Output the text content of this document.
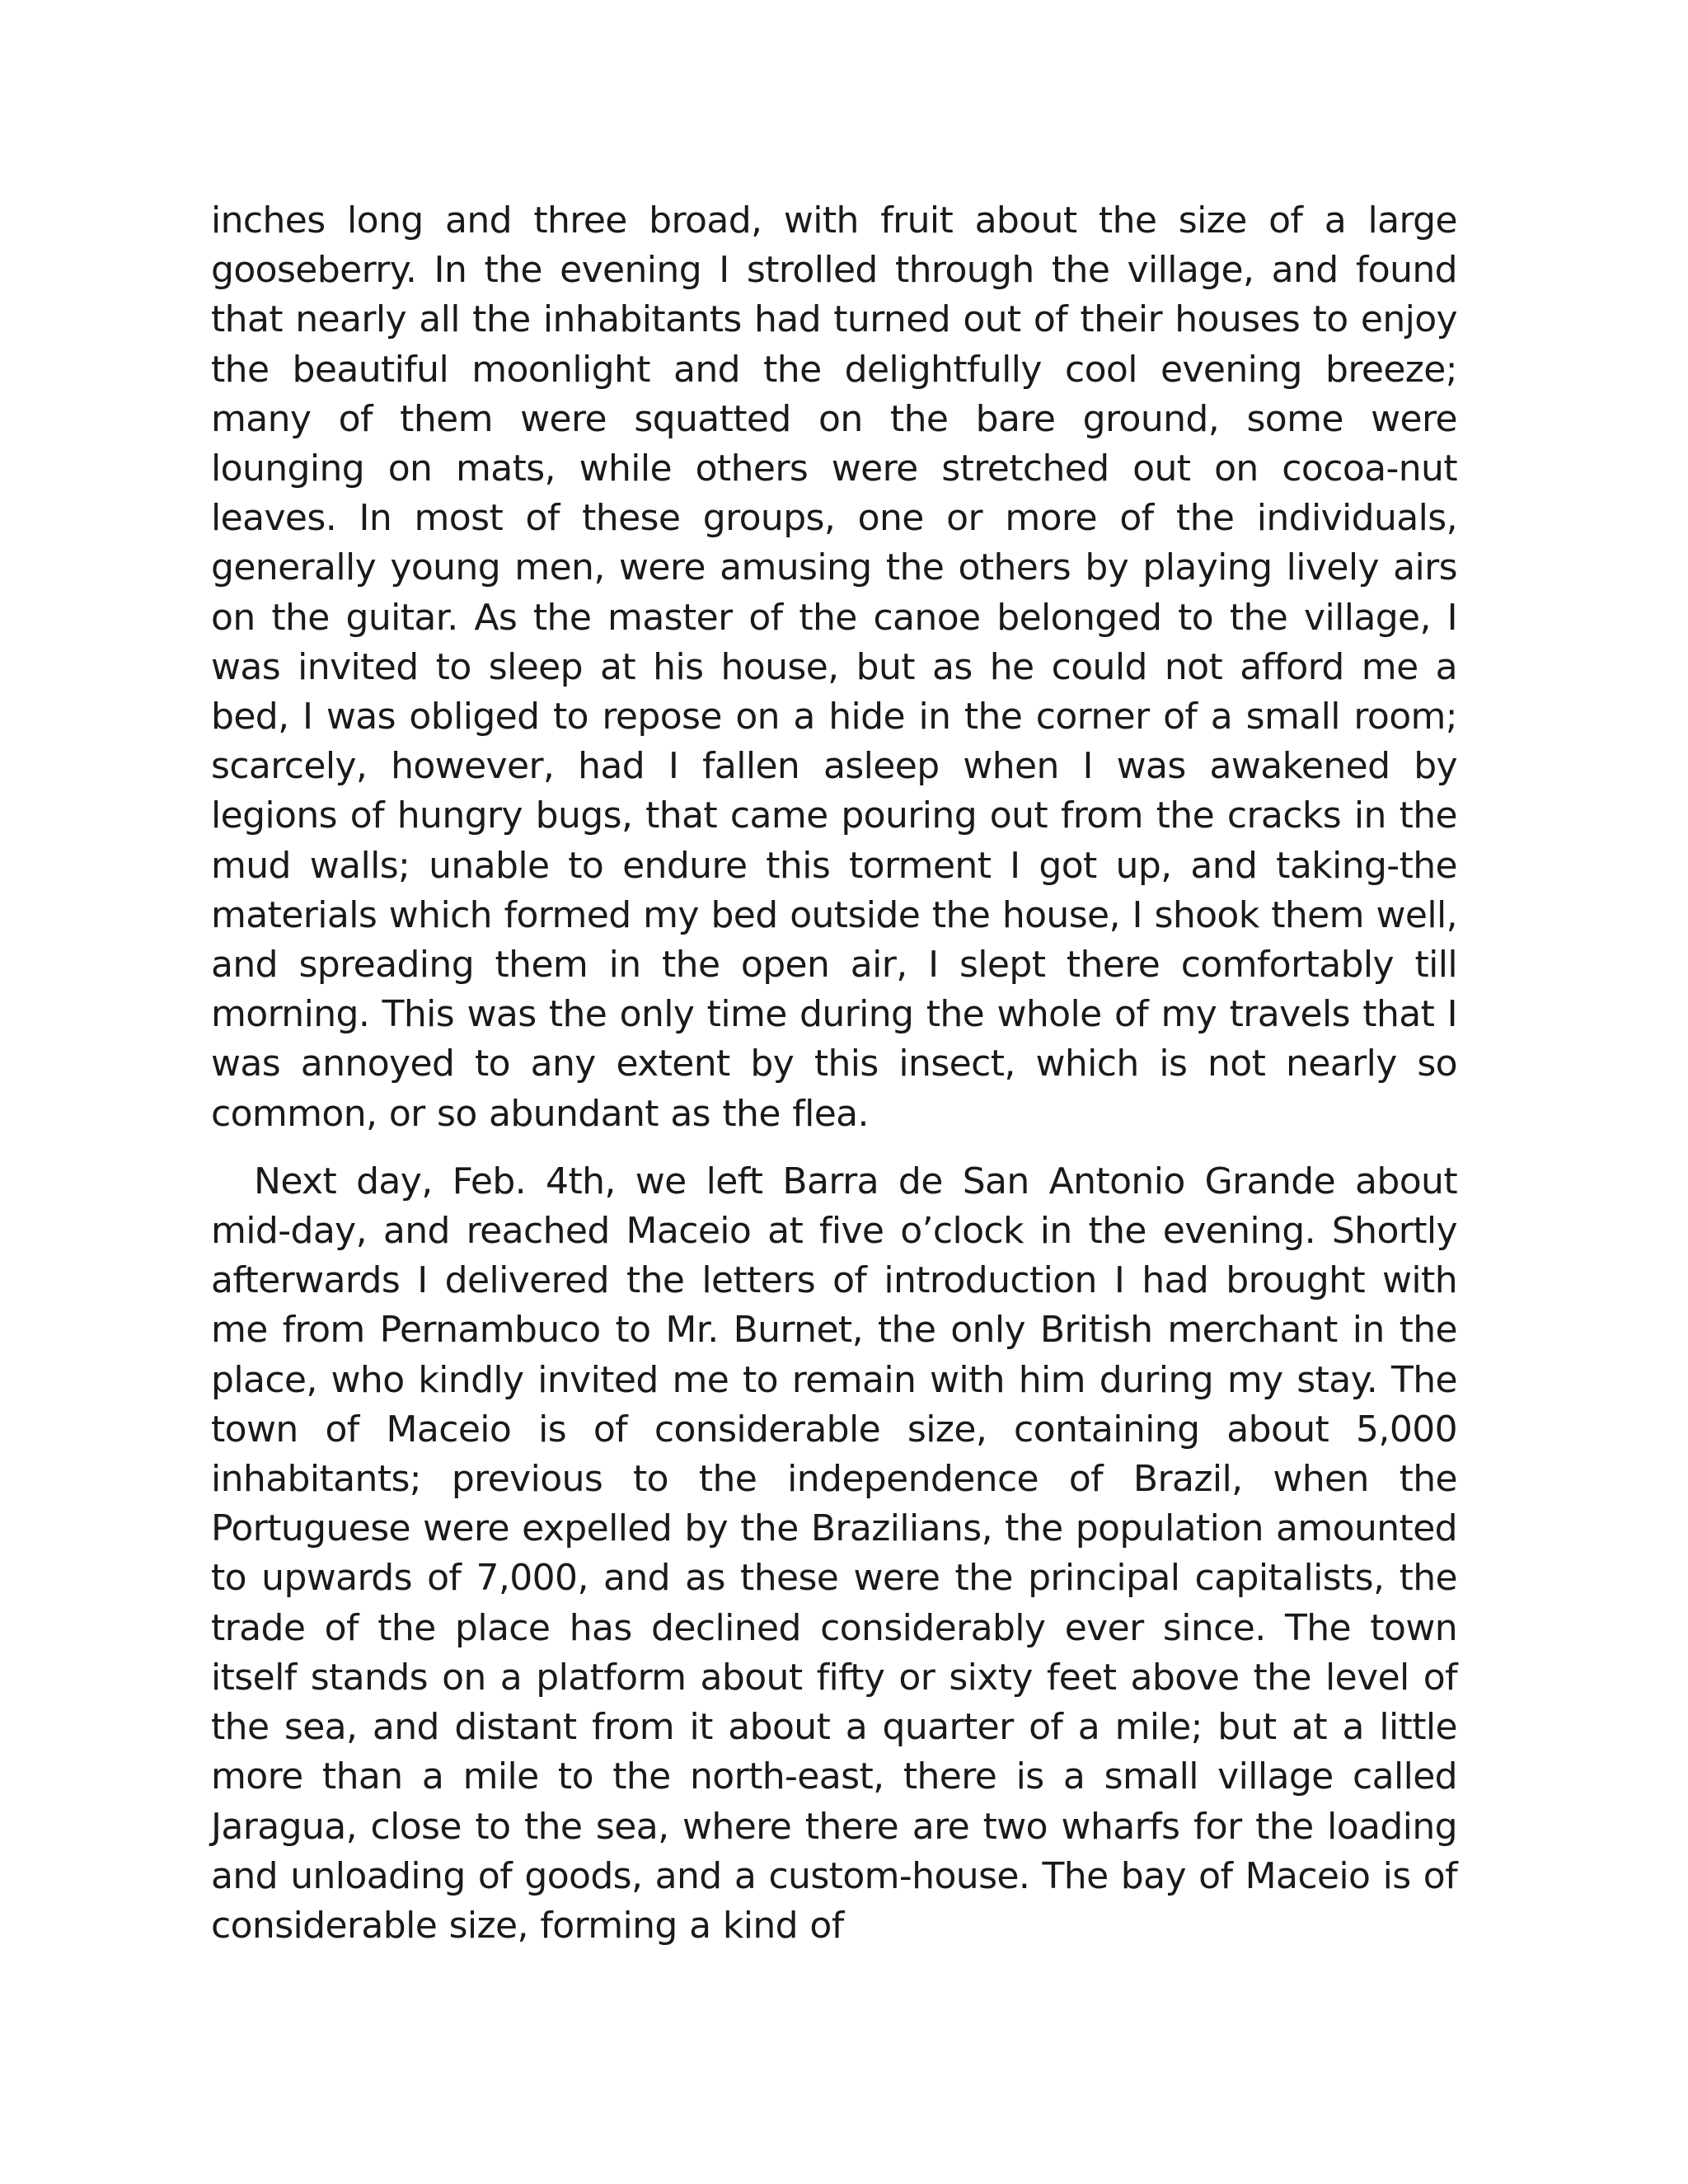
inches long and three broad, with fruit about the size of a large gooseberry. In the evening I strolled through the village, and found that nearly all the inhabitants had turned out of their houses to enjoy the beautiful moonlight and the delightfully cool evening breeze; many of them were squatted on the bare ground, some were lounging on mats, while others were stretched out on cocoa-nut leaves. In most of these groups, one or more of the individuals, generally young men, were amusing the others by playing lively airs on the guitar. As the master of the canoe belonged to the village, I was invited to sleep at his house, but as he could not afford me a bed, I was obliged to repose on a hide in the corner of a small room; scarcely, however, had I fallen asleep when I was awakened by legions of hungry bugs, that came pouring out from the cracks in the mud walls; unable to endure this torment I got up, and taking-the materials which formed my bed outside the house, I shook them well, and spreading them in the open air, I slept there comfortably till morning. This was the only time during the whole of my travels that I was annoyed to any extent by this insect, which is not nearly so common, or so abundant as the flea.

Next day, Feb. 4th, we left Barra de San Antonio Grande about mid-day, and reached Maceio at five o’clock in the evening. Shortly afterwards I delivered the letters of introduction I had brought with me from Pernambuco to Mr. Burnet, the only British merchant in the place, who kindly invited me to remain with him during my stay. The town of Maceio is of considerable size, containing about 5,000 inhabitants; previous to the independence of Brazil, when the Portuguese were expelled by the Brazilians, the population amounted to upwards of 7,000, and as these were the principal capitalists, the trade of the place has declined considerably ever since. The town itself stands on a platform about fifty or sixty feet above the level of the sea, and distant from it about a quarter of a mile; but at a little more than a mile to the north-east, there is a small village called Jaragua, close to the sea, where there are two wharfs for the loading and unloading of goods, and a custom-house. The bay of Maceio is of considerable size, forming a kind of
